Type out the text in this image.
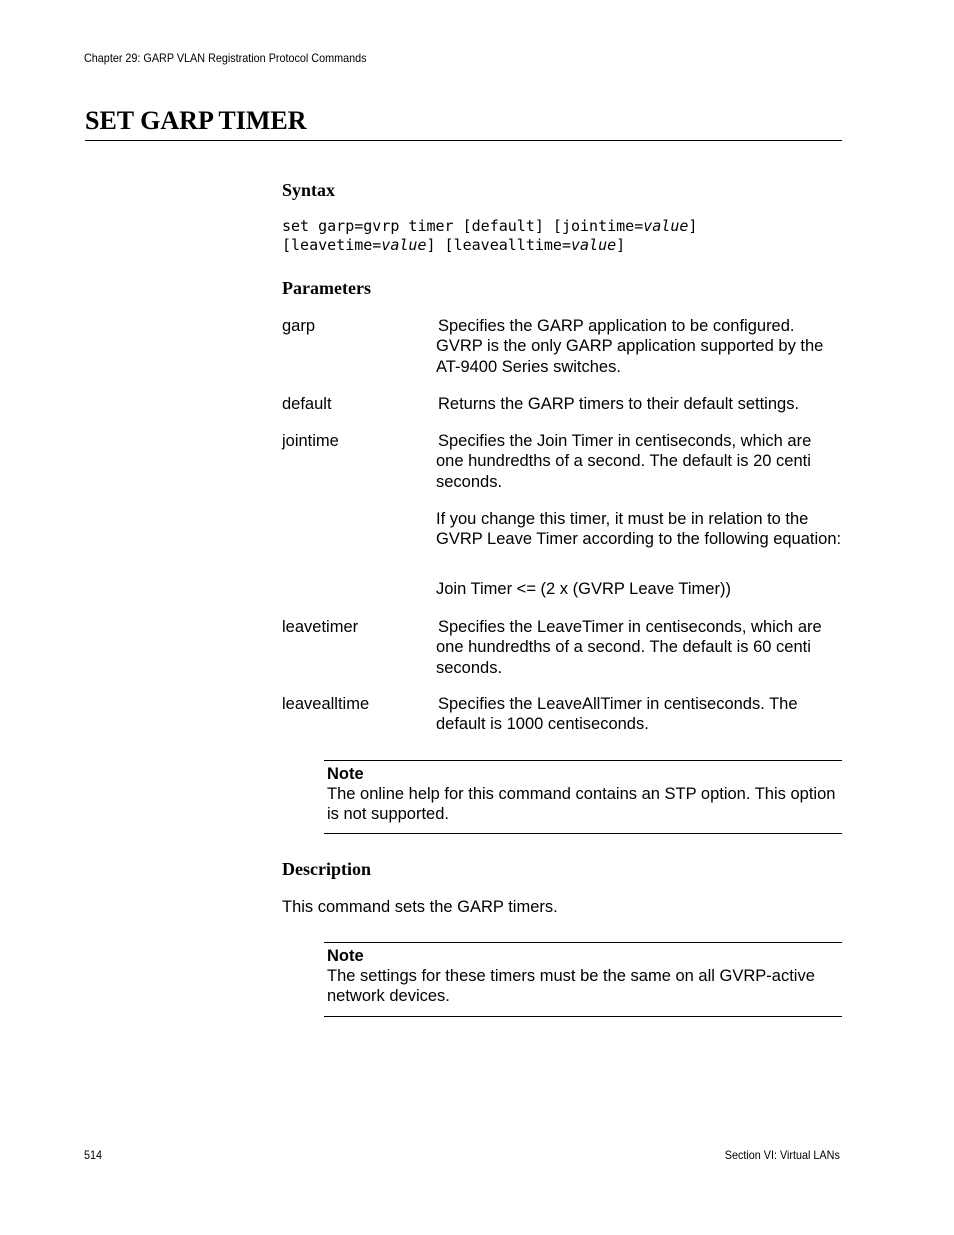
Chapter 29: GARP VLAN Registration Protocol Commands
SET GARP TIMER
Syntax
set garp=gvrp timer [default] [jointime=value]
[leavetime=value] [leavealltime=value]
Parameters
garp	Specifies the GARP application to be configured.
GVRP is the only GARP application supported by the AT-9400 Series switches.
default	Returns the GARP timers to their default settings.
jointime	Specifies the Join Timer in centiseconds, which are
one hundredths of a second. The default is 20 centi seconds.
If you change this timer, it must be in relation to the GVRP Leave Timer according to the following equation:
Join Timer <= (2 x (GVRP Leave Timer))
leavetimer	Specifies the LeaveTimer in centiseconds, which are
one hundredths of a second. The default is 60 centi seconds.
leavealltime	Specifies the LeaveAllTimer in centiseconds. The
default is 1000 centiseconds.
Note
The online help for this command contains an STP option. This option is not supported.
Description
This command sets the GARP timers.
Note
The settings for these timers must be the same on all GVRP-active network devices.
514	Section VI: Virtual LANs
